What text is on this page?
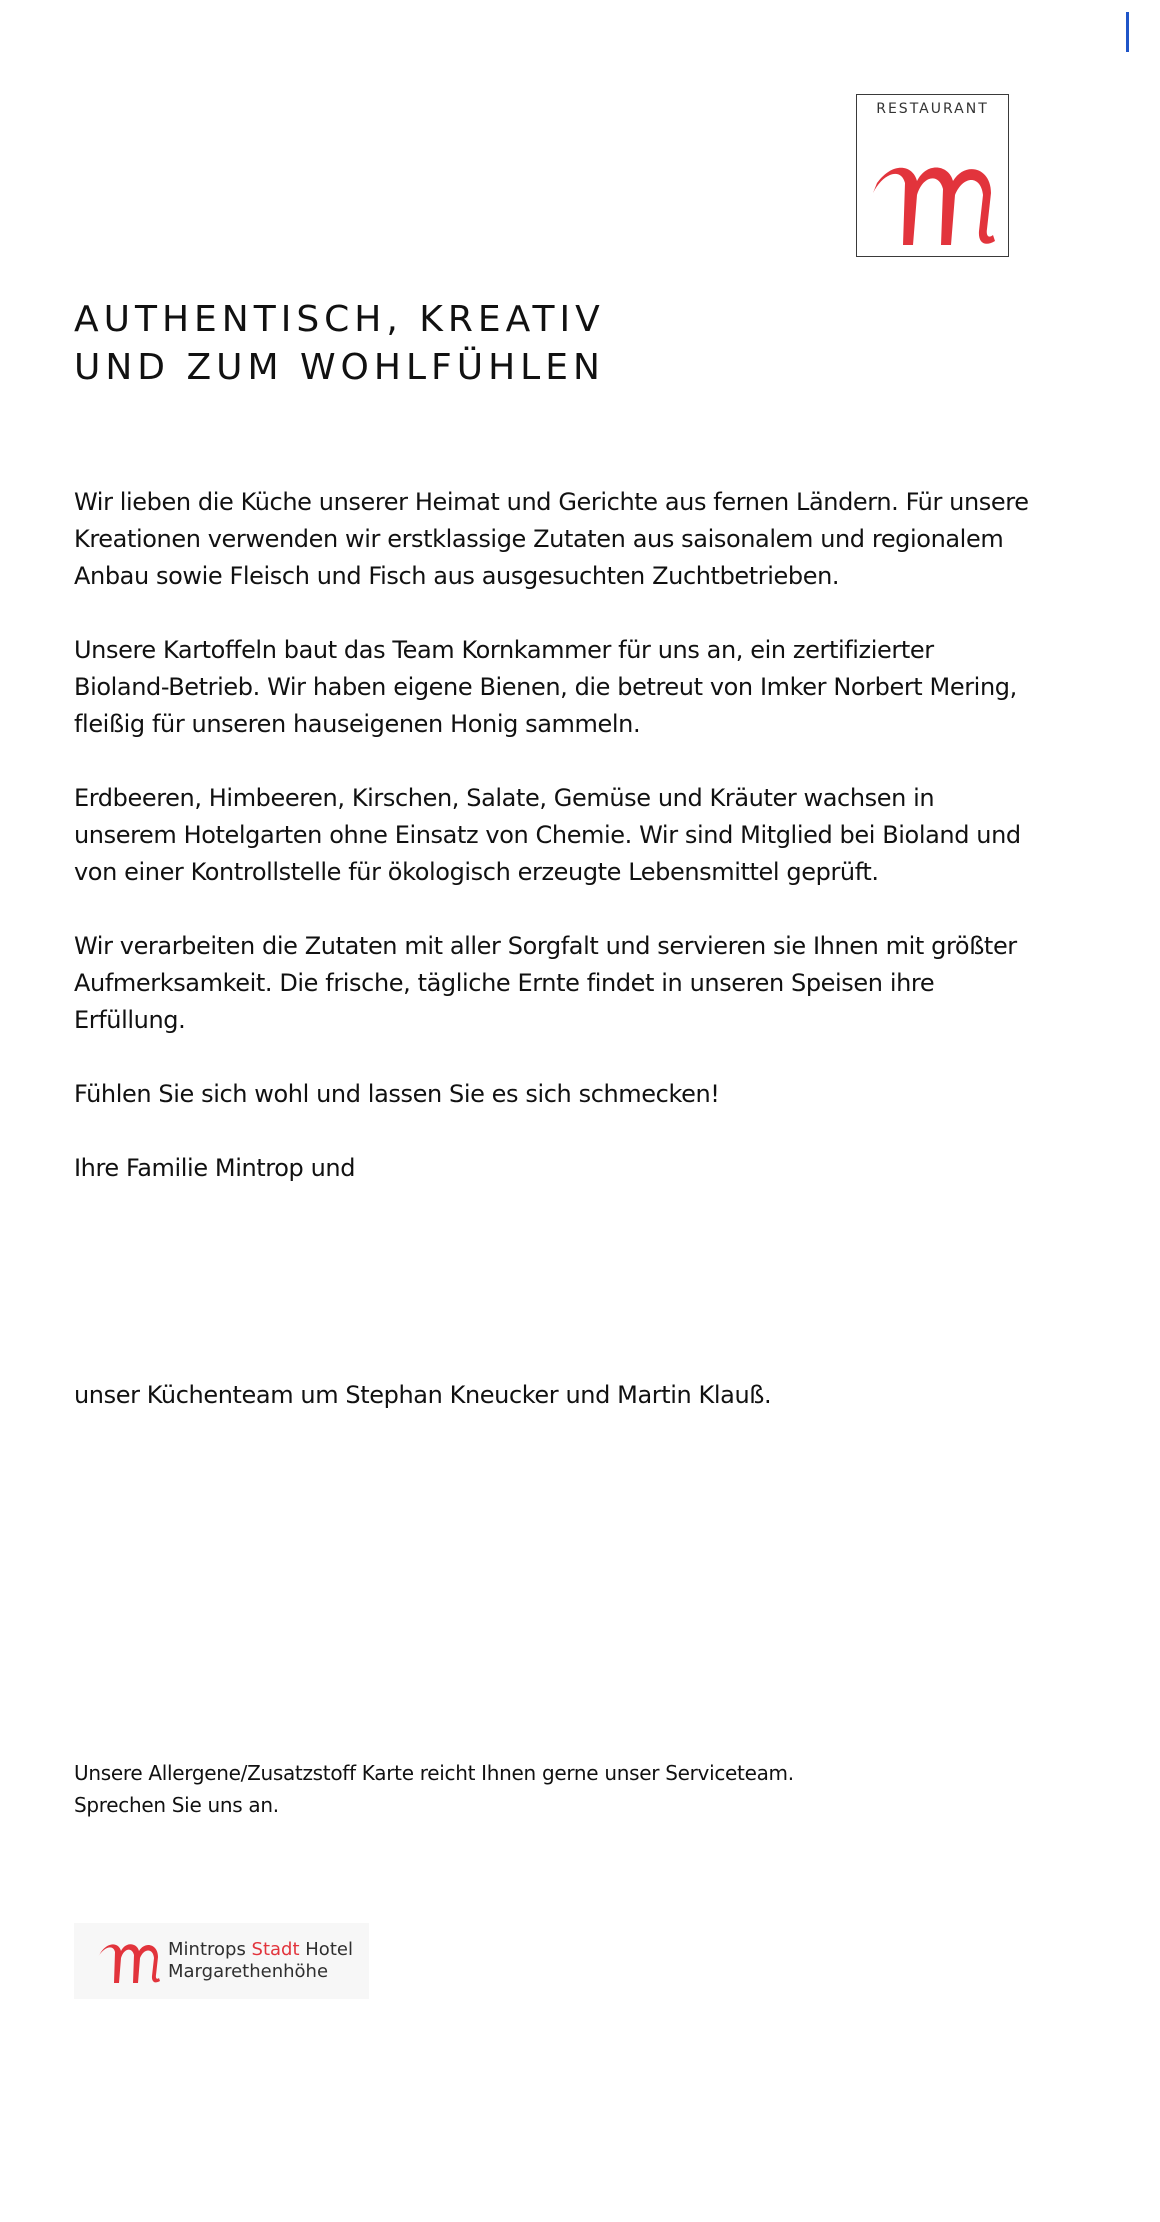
RESTAURANT
AUTHENTISCH, KREATIV
UND ZUM WOHLFÜHLEN

Wir lieben die Küche unserer Heimat und Gerichte aus fernen Ländern. Für unsere Kreationen verwenden wir erstklassige Zutaten aus saisonalem und regionalem Anbau sowie Fleisch und Fisch aus ausgesuchten Zuchtbetrieben.

Unsere Kartoffeln baut das Team Kornkammer für uns an, ein zertifizierter Bioland-Betrieb. Wir haben eigene Bienen, die betreut von Imker Norbert Mering, fleißig für unseren hauseigenen Honig sammeln.

Erdbeeren, Himbeeren, Kirschen, Salate, Gemüse und Kräuter wachsen in unserem Hotelgarten ohne Einsatz von Chemie. Wir sind Mitglied bei Bioland und von einer Kontrollstelle für ökologisch erzeugte Lebensmittel geprüft.

Wir verarbeiten die Zutaten mit aller Sorgfalt und servieren sie Ihnen mit größter Aufmerksamkeit. Die frische, tägliche Ernte findet in unseren Speisen ihre Erfüllung.

Fühlen Sie sich wohl und lassen Sie es sich schmecken!

Ihre Familie Mintrop und

unser Küchenteam um Stephan Kneucker und Martin Klauß.

Unsere Allergene/Zusatzstoff Karte reicht Ihnen gerne unser Serviceteam.

Sprechen Sie uns an.

Mintrops Stadt Hotel
Margarethenhöhe
